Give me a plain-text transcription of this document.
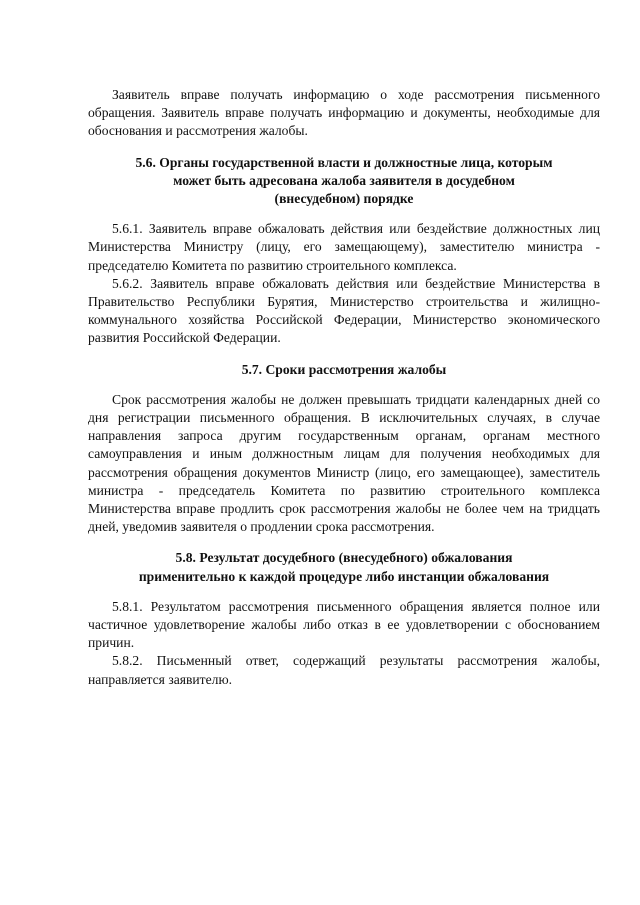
Заявитель вправе получать информацию о ходе рассмотрения письменного обращения. Заявитель вправе получать информацию и документы, необходимые для обоснования и рассмотрения жалобы.

5.6. Органы государственной власти и должностные лица, которым
может быть адресована жалоба заявителя в досудебном
(внесудебном) порядке

5.6.1. Заявитель вправе обжаловать действия или бездействие должностных лиц Министерства Министру (лицу, его замещающему), заместителю министра - председателю Комитета по развитию строительного комплекса.

5.6.2. Заявитель вправе обжаловать действия или бездействие Министерства в Правительство Республики Бурятия, Министерство строительства и жилищно-коммунального хозяйства Российской Федерации, Министерство экономического развития Российской Федерации.

5.7. Сроки рассмотрения жалобы

Срок рассмотрения жалобы не должен превышать тридцати календарных дней со дня регистрации письменного обращения. В исключительных случаях, в случае направления запроса другим государственным органам, органам местного самоуправления и иным должностным лицам для получения необходимых для рассмотрения обращения документов Министр (лицо, его замещающее), заместитель министра - председатель Комитета по развитию строительного комплекса Министерства вправе продлить срок рассмотрения жалобы не более чем на тридцать дней, уведомив заявителя о продлении срока рассмотрения.

5.8. Результат досудебного (внесудебного) обжалования
применительно к каждой процедуре либо инстанции обжалования

5.8.1. Результатом рассмотрения письменного обращения является полное или частичное удовлетворение жалобы либо отказ в ее удовлетворении с обоснованием причин.

5.8.2. Письменный ответ, содержащий результаты рассмотрения жалобы, направляется заявителю.
